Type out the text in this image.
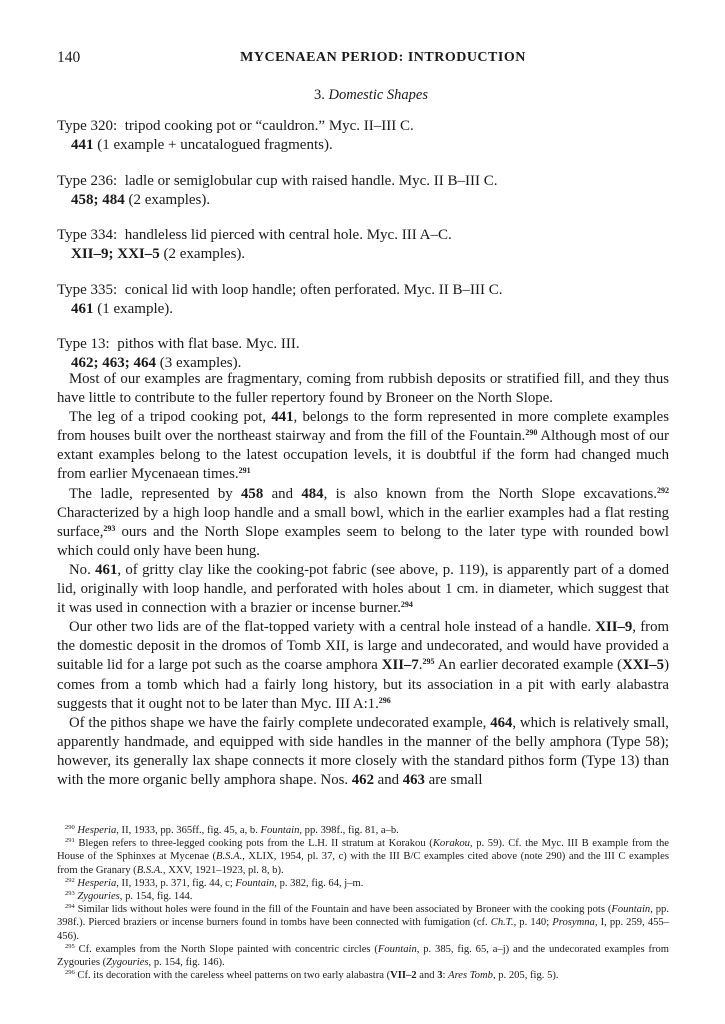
140	MYCENAEAN PERIOD: INTRODUCTION
3. Domestic Shapes
Type 320: tripod cooking pot or “cauldron.” Myc. II–III C.
441 (1 example + uncatalogued fragments).
Type 236: ladle or semiglobular cup with raised handle. Myc. II B–III C.
458; 484 (2 examples).
Type 334: handleless lid pierced with central hole. Myc. III A–C.
XII–9; XXI–5 (2 examples).
Type 335: conical lid with loop handle; often perforated. Myc. II B–III C.
461 (1 example).
Type 13: pithos with flat base. Myc. III.
462; 463; 464 (3 examples).

Most of our examples are fragmentary, coming from rubbish deposits or stratified fill, and they thus have little to contribute to the fuller repertory found by Broneer on the North Slope.

The leg of a tripod cooking pot, 441, belongs to the form represented in more complete examples from houses built over the northeast stairway and from the fill of the Fountain.$^{290}$ Although most of our extant examples belong to the latest occupation levels, it is doubtful if the form had changed much from earlier Mycenaean times.$^{291}$

The ladle, represented by 458 and 484, is also known from the North Slope excavations.$^{292}$ Characterized by a high loop handle and a small bowl, which in the earlier examples had a flat resting surface,$^{293}$ ours and the North Slope examples seem to belong to the later type with rounded bowl which could only have been hung.

No. 461, of gritty clay like the cooking-pot fabric (see above, p. 119), is apparently part of a domed lid, originally with loop handle, and perforated with holes about 1 cm. in diameter, which suggest that it was used in connection with a brazier or incense burner.$^{294}$

Our other two lids are of the flat-topped variety with a central hole instead of a handle. XII–9, from the domestic deposit in the dromos of Tomb XII, is large and undecorated, and would have provided a suitable lid for a large pot such as the coarse amphora XII–7.$^{295}$ An earlier decorated example (XXI–5) comes from a tomb which had a fairly long history, but its association in a pit with early alabastra suggests that it ought not to be later than Myc. III A:1.$^{296}$

Of the pithos shape we have the fairly complete undecorated example, 464, which is relatively small, apparently handmade, and equipped with side handles in the manner of the belly amphora (Type 58); however, its generally lax shape connects it more closely with the standard pithos form (Type 13) than with the more organic belly amphora shape. Nos. 462 and 463 are small

$^{290}$ Hesperia, II, 1933, pp. 365ff., fig. 45, a, b. Fountain, pp. 398f., fig. 81, a–b.

$^{291}$ Blegen refers to three-legged cooking pots from the L.H. II stratum at Korakou (Korakou, p. 59). Cf. the Myc. III B example from the House of the Sphinxes at Mycenae (B.S.A., XLIX, 1954, pl. 37, c) with the III B/C examples cited above (note 290) and the III C examples from the Granary (B.S.A., XXV, 1921–1923, pl. 8, b).

$^{292}$ Hesperia, II, 1933, p. 371, fig. 44, c; Fountain, p. 382, fig. 64, j–m.

$^{293}$ Zygouries, p. 154, fig. 144.

$^{294}$ Similar lids without holes were found in the fill of the Fountain and have been associated by Broneer with the cooking pots (Fountain, pp. 398f.). Pierced braziers or incense burners found in tombs have been connected with fumigation (cf. Ch.T., p. 140; Prosymna, I, pp. 259, 455–456).

$^{295}$ Cf. examples from the North Slope painted with concentric circles (Fountain, p. 385, fig. 65, a–j) and the undecorated examples from Zygouries (Zygouries, p. 154, fig. 146).

$^{296}$ Cf. its decoration with the careless wheel patterns on two early alabastra (VII–2 and 3: Ares Tomb, p. 205, fig. 5).
